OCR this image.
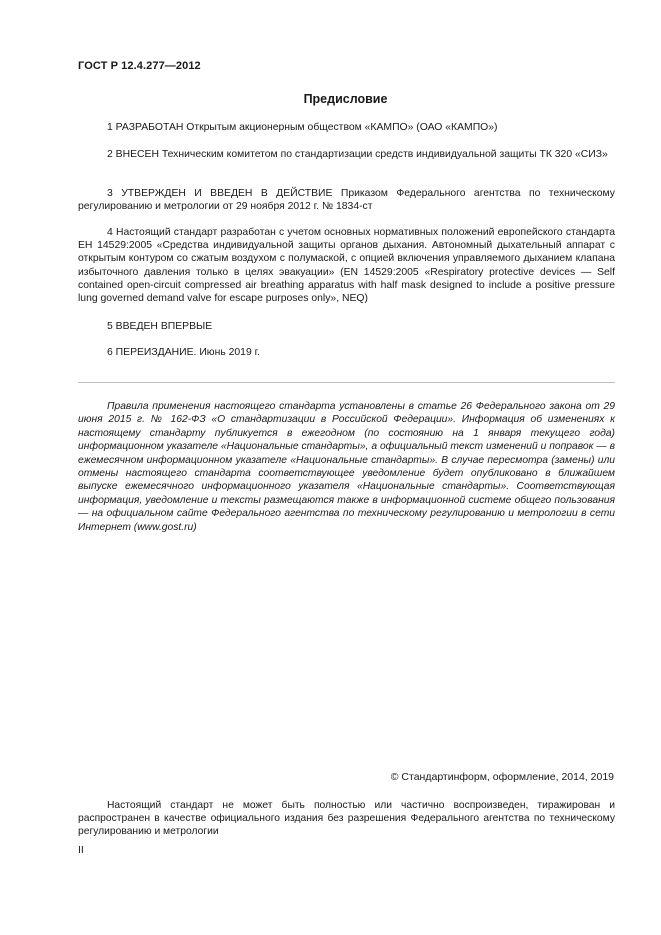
ГОСТ Р 12.4.277—2012
Предисловие
1 РАЗРАБОТАН Открытым акционерным обществом «КАМПО» (ОАО «КАМПО»)
2 ВНЕСЕН Техническим комитетом по стандартизации средств индивидуальной защиты ТК 320 «СИЗ»
3 УТВЕРЖДЕН И ВВЕДЕН В ДЕЙСТВИЕ Приказом Федерального агентства по техническому регулированию и метрологии от 29 ноября 2012 г. № 1834-ст
4 Настоящий стандарт разработан с учетом основных нормативных положений европейского стандарта ЕН 14529:2005 «Средства индивидуальной защиты органов дыхания. Автономный дыхательный аппарат с открытым контуром со сжатым воздухом с полумаской, с опцией включения управляемого дыханием клапана избыточного давления только в целях эвакуации» (EN 14529:2005 «Respiratory protective devices — Self contained open-circuit compressed air breathing apparatus with half mask designed to include a positive pressure lung governed demand valve for escape purposes only», NEQ)
5 ВВЕДЕН ВПЕРВЫЕ
6 ПЕРЕИЗДАНИЕ. Июнь 2019 г.
Правила применения настоящего стандарта установлены в статье 26 Федерального закона от 29 июня 2015 г. № 162-ФЗ «О стандартизации в Российской Федерации». Информация об изменениях к настоящему стандарту публикуется в ежегодном (по состоянию на 1 января текущего года) информационном указателе «Национальные стандарты», а официальный текст изменений и поправок — в ежемесячном информационном указателе «Национальные стандарты». В случае пересмотра (замены) или отмены настоящего стандарта соответствующее уведомление будет опубликовано в ближайшем выпуске ежемесячного информационного указателя «Национальные стандарты». Соответствующая информация, уведомление и тексты размещаются также в информационной системе общего пользования — на официальном сайте Федерального агентства по техническому регулированию и метрологии в сети Интернет (www.gost.ru)
© Стандартинформ, оформление, 2014, 2019
Настоящий стандарт не может быть полностью или частично воспроизведен, тиражирован и распространен в качестве официального издания без разрешения Федерального агентства по техническому регулированию и метрологии
II
